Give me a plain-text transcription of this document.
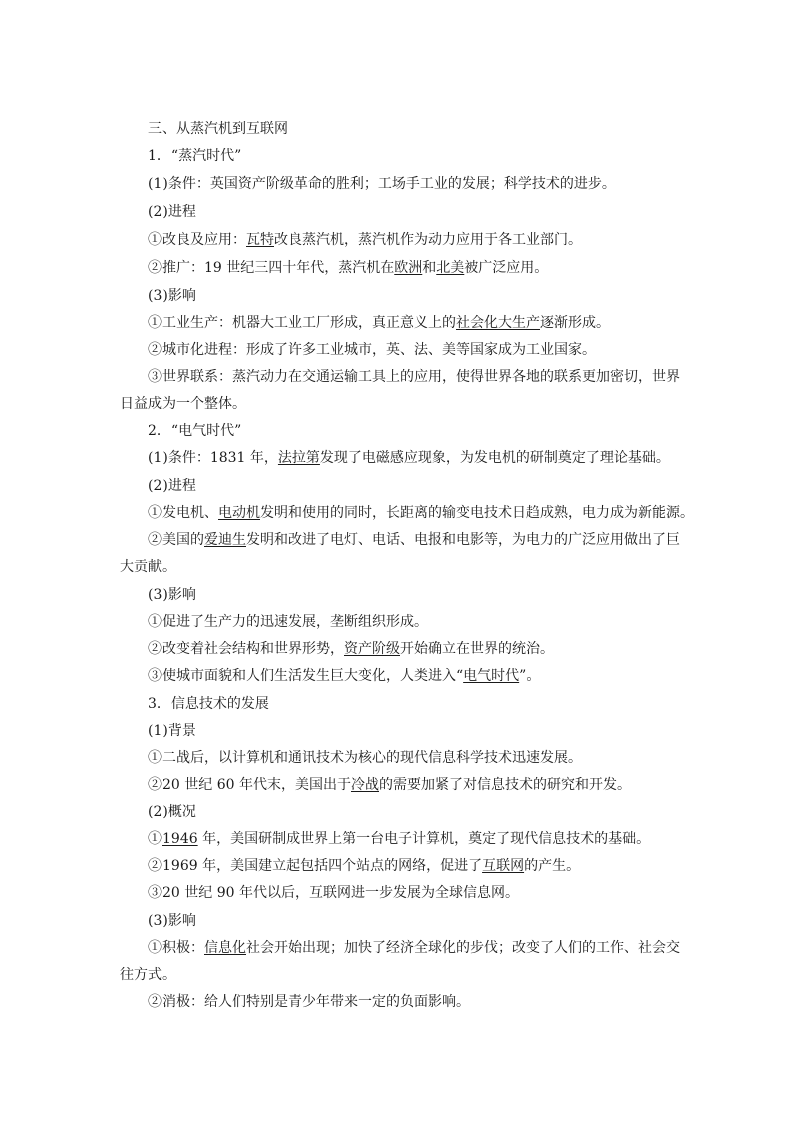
三、从蒸汽机到互联网
1．“蒸汽时代”
(1)条件：英国资产阶级革命的胜利；工场手工业的发展；科学技术的进步。
(2)进程
①改良及应用：瓦特改良蒸汽机，蒸汽机作为动力应用于各工业部门。
②推广：19 世纪三四十年代，蒸汽机在欧洲和北美被广泛应用。
(3)影响
①工业生产：机器大工业工厂形成，真正意义上的社会化大生产逐渐形成。
②城市化进程：形成了许多工业城市，英、法、美等国家成为工业国家。
③世界联系：蒸汽动力在交通运输工具上的应用，使得世界各地的联系更加密切，世界
日益成为一个整体。
2．“电气时代”
(1)条件：1831 年，法拉第发现了电磁感应现象，为发电机的研制奠定了理论基础。
(2)进程
①发电机、电动机发明和使用的同时，长距离的输变电技术日趋成熟，电力成为新能源。
②美国的爱迪生发明和改进了电灯、电话、电报和电影等，为电力的广泛应用做出了巨
大贡献。
(3)影响
①促进了生产力的迅速发展，垄断组织形成。
②改变着社会结构和世界形势，资产阶级开始确立在世界的统治。
③使城市面貌和人们生活发生巨大变化，人类进入“电气时代”。
3．信息技术的发展
(1)背景
①二战后，以计算机和通讯技术为核心的现代信息科学技术迅速发展。
②20 世纪 60 年代末，美国出于冷战的需要加紧了对信息技术的研究和开发。
(2)概况
①1946 年，美国研制成世界上第一台电子计算机，奠定了现代信息技术的基础。
②1969 年，美国建立起包括四个站点的网络，促进了互联网的产生。
③20 世纪 90 年代以后，互联网进一步发展为全球信息网。
(3)影响
①积极：信息化社会开始出现；加快了经济全球化的步伐；改变了人们的工作、社会交
往方式。
②消极：给人们特别是青少年带来一定的负面影响。
